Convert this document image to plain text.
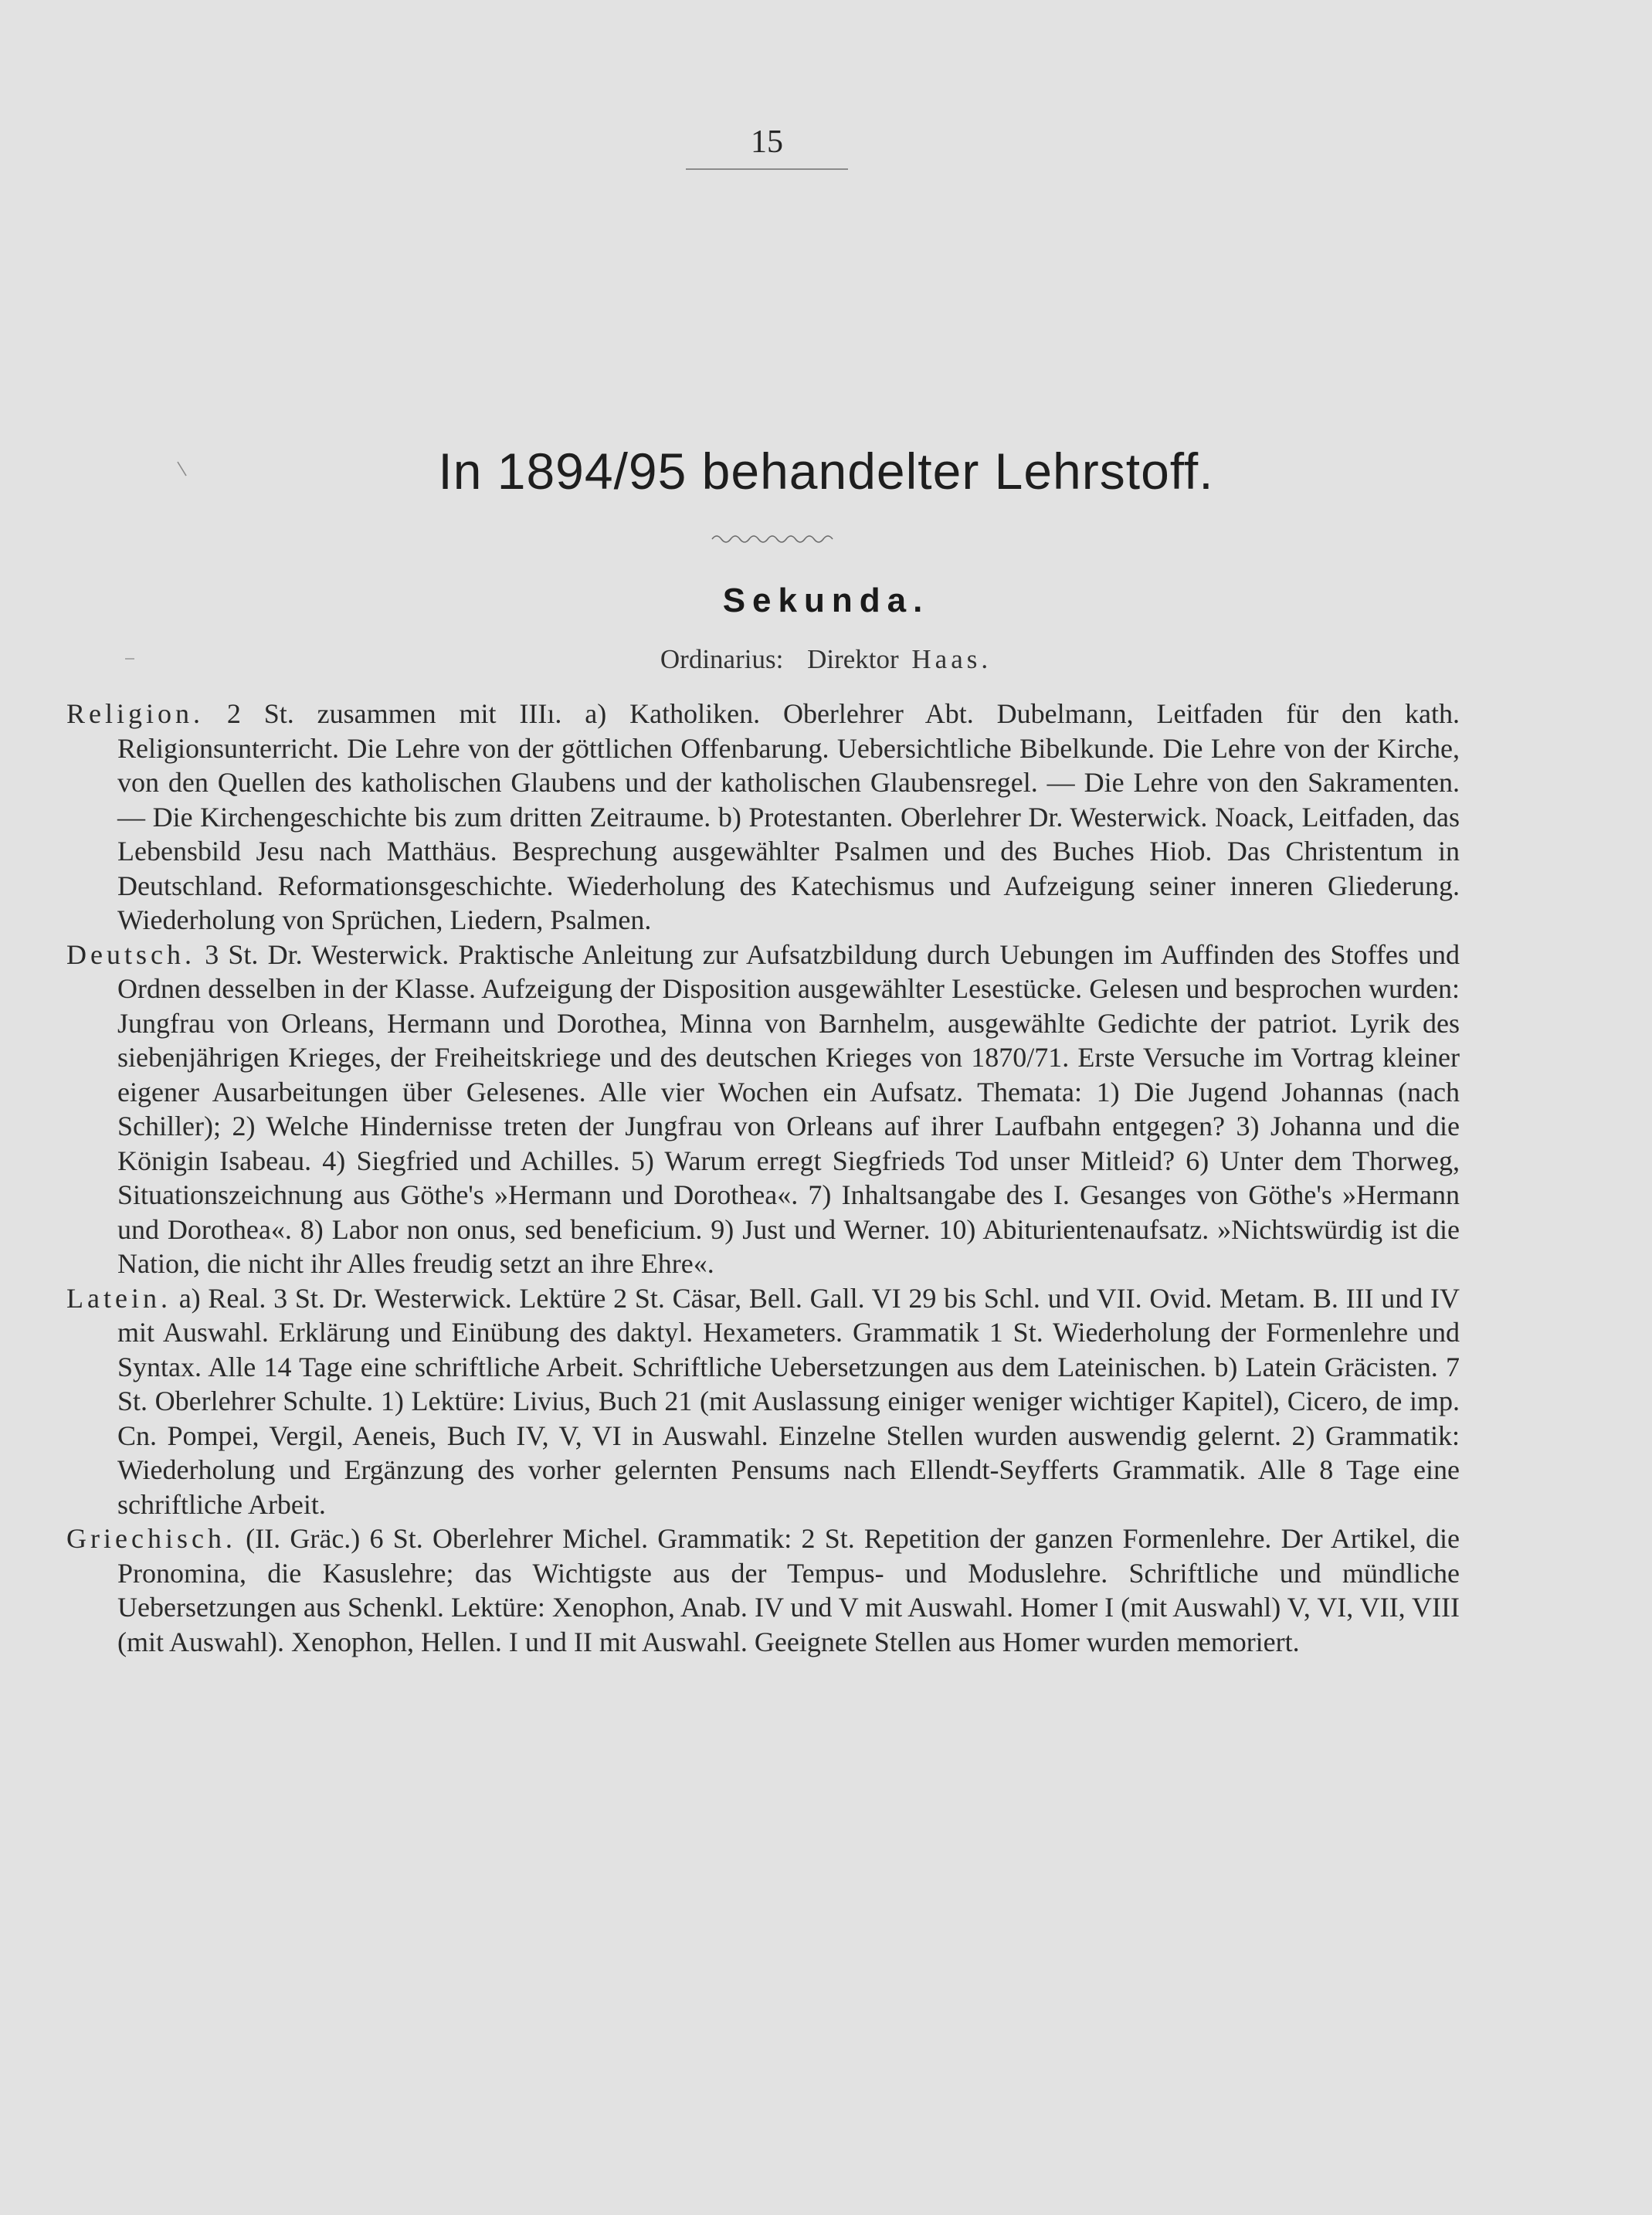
15
In 1894/95 behandelter Lehrstoff.
Sekunda.
Ordinarius: Direktor Haas.

Religion. 2 St. zusammen mit IIIı. a) Katholiken. Oberlehrer Abt. Dubelmann, Leitfaden für den kath. Religionsunterricht. Die Lehre von der göttlichen Offenbarung. Uebersichtliche Bibelkunde. Die Lehre von der Kirche, von den Quellen des katholischen Glaubens und der katholischen Glaubensregel. — Die Lehre von den Sakramenten. — Die Kirchengeschichte bis zum dritten Zeitraume. b) Protestanten. Oberlehrer Dr. Westerwick. Noack, Leitfaden, das Lebensbild Jesu nach Matthäus. Besprechung ausgewählter Psalmen und des Buches Hiob. Das Christentum in Deutschland. Reformationsgeschichte. Wiederholung des Katechismus und Aufzeigung seiner inneren Gliederung. Wiederholung von Sprüchen, Liedern, Psalmen.

Deutsch. 3 St. Dr. Westerwick. Praktische Anleitung zur Aufsatzbildung durch Uebungen im Auffinden des Stoffes und Ordnen desselben in der Klasse. Aufzeigung der Disposition ausgewählter Lesestücke. Gelesen und besprochen wurden: Jungfrau von Orleans, Hermann und Dorothea, Minna von Barnhelm, ausgewählte Gedichte der patriot. Lyrik des siebenjährigen Krieges, der Freiheitskriege und des deutschen Krieges von 1870/71. Erste Versuche im Vortrag kleiner eigener Ausarbeitungen über Gelesenes. Alle vier Wochen ein Aufsatz. Themata: 1) Die Jugend Johannas (nach Schiller); 2) Welche Hindernisse treten der Jungfrau von Orleans auf ihrer Laufbahn entgegen? 3) Johanna und die Königin Isabeau. 4) Siegfried und Achilles. 5) Warum erregt Siegfrieds Tod unser Mitleid? 6) Unter dem Thorweg, Situationszeichnung aus Göthe's »Hermann und Dorothea«. 7) Inhaltsangabe des I. Gesanges von Göthe's »Hermann und Dorothea«. 8) Labor non onus, sed beneficium. 9) Just und Werner. 10) Abiturientenaufsatz. »Nichtswürdig ist die Nation, die nicht ihr Alles freudig setzt an ihre Ehre«.

Latein. a) Real. 3 St. Dr. Westerwick. Lektüre 2 St. Cäsar, Bell. Gall. VI 29 bis Schl. und VII. Ovid. Metam. B. III und IV mit Auswahl. Erklärung und Einübung des daktyl. Hexameters. Grammatik 1 St. Wiederholung der Formenlehre und Syntax. Alle 14 Tage eine schriftliche Arbeit. Schriftliche Uebersetzungen aus dem Lateinischen. b) Latein Gräcisten. 7 St. Oberlehrer Schulte. 1) Lektüre: Livius, Buch 21 (mit Auslassung einiger weniger wichtiger Kapitel), Cicero, de imp. Cn. Pompei, Vergil, Aeneis, Buch IV, V, VI in Auswahl. Einzelne Stellen wurden auswendig gelernt. 2) Grammatik: Wiederholung und Ergänzung des vorher gelernten Pensums nach Ellendt-Seyfferts Grammatik. Alle 8 Tage eine schriftliche Arbeit.

Griechisch. (II. Gräc.) 6 St. Oberlehrer Michel. Grammatik: 2 St. Repetition der ganzen Formenlehre. Der Artikel, die Pronomina, die Kasuslehre; das Wichtigste aus der Tempus- und Moduslehre. Schriftliche und mündliche Uebersetzungen aus Schenkl. Lektüre: Xenophon, Anab. IV und V mit Auswahl. Homer I (mit Auswahl) V, VI, VII, VIII (mit Auswahl). Xenophon, Hellen. I und II mit Auswahl. Geeignete Stellen aus Homer wurden memoriert.
